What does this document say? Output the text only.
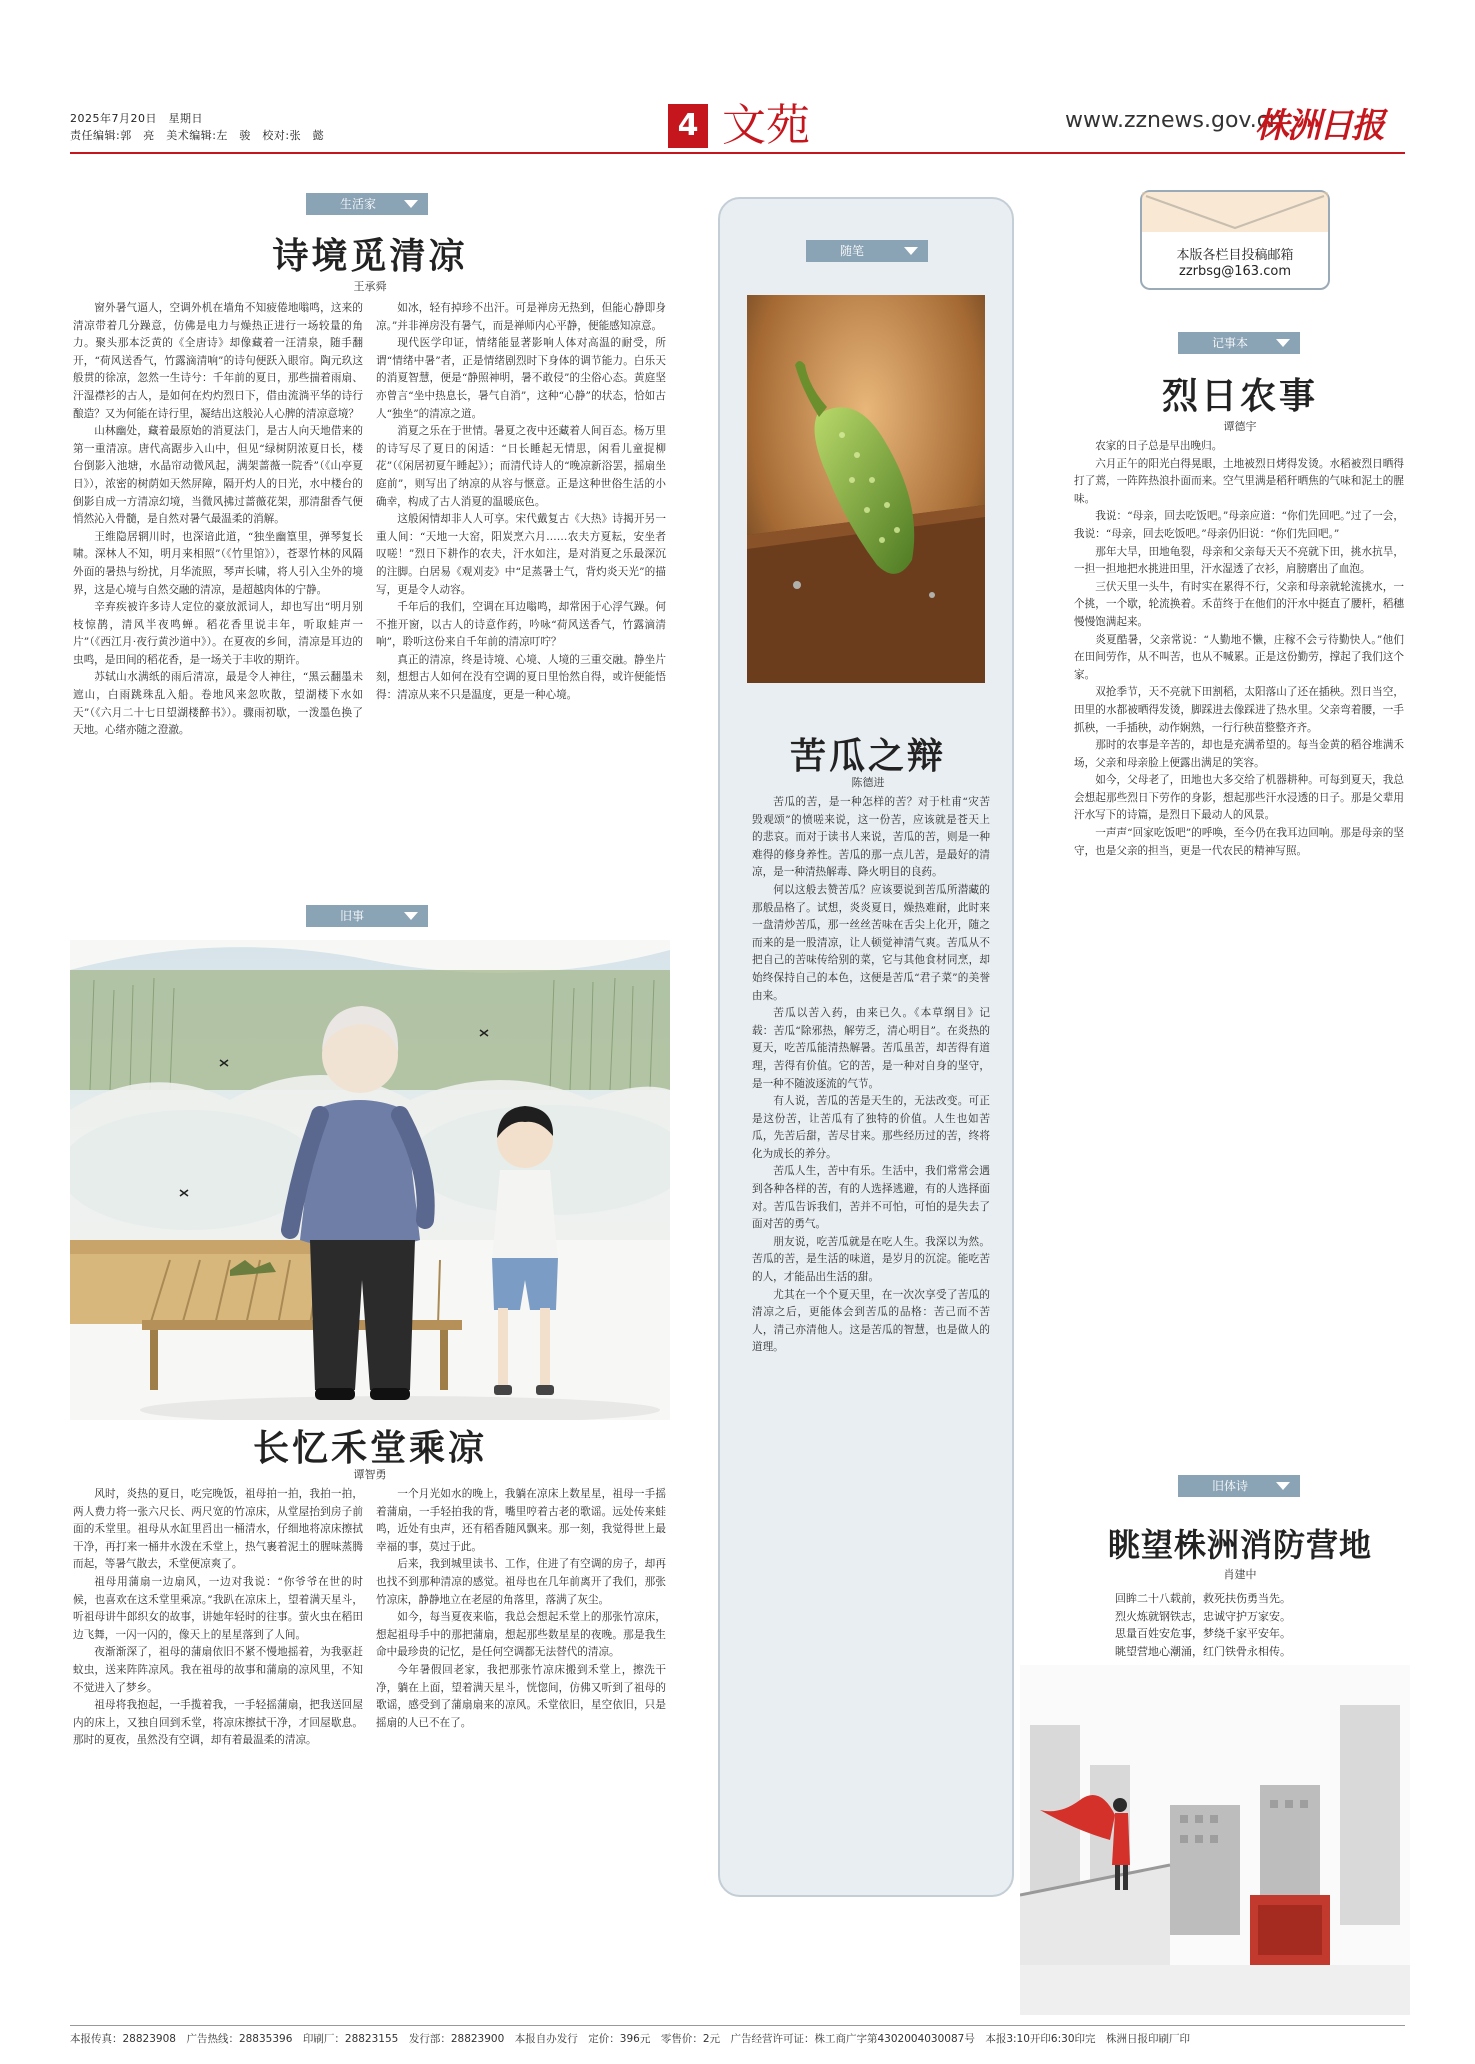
2025年7月20日　星期日
责任编辑:郭　亮　美术编辑:左　骏　校对:张　懿	4 文苑	www.zznews.gov.cn
株洲日报
生活家
诗境觅清凉
王承舜

窗外暑气逼人，空调外机在墙角不知疲倦地嗡鸣，这来的清凉带着几分躁意，仿佛是电力与燥热正进行一场较量的角力。聚头那本泛黄的《全唐诗》却像藏着一汪清泉，随手翻开，“荷风送香气，竹露滴清响”的诗句便跃入眼帘。陶元玖这般贯的徐凉，忽然一生诗兮：千年前的夏日，那些揣着雨扇、汗湿襟衫的古人，是如何在灼灼烈日下，借由流淌平华的诗行酿造？又为何能在诗行里，凝结出这般沁人心脾的清凉意境？

山林幽处，藏着最原始的消夏法门，是古人向天地借来的第一重清凉。唐代高踞步入山中，但见“绿树阴浓夏日长，楼台倒影入池塘，水晶帘动微风起，满架蔷薇一院香”（《山亭夏日》），浓密的树荫如天然屏障，隔开灼人的日光，水中楼台的倒影自成一方清凉幻境，当微风拂过蔷薇花架，那清甜香气便悄然沁入骨髓，是自然对暑气最温柔的消解。

王维隐居辋川时，也深谙此道，“独坐幽篁里，弹琴复长啸。深林人不知，明月来相照”（《竹里馆》），苍翠竹林的风隔外面的暑热与纷扰，月华流照，琴声长啸，将人引入尘外的境界，这是心境与自然交融的清凉，是超越肉体的宁静。

辛弃疾被许多诗人定位的豪放派词人，却也写出“明月别枝惊鹊，清风半夜鸣蝉。稻花香里说丰年，听取蛙声一片”（《西江月·夜行黄沙道中》）。在夏夜的乡间，清凉是耳边的虫鸣，是田间的稻花香，是一场关于丰收的期许。

苏轼山水满纸的雨后清凉，最是令人神往，“黑云翻墨未遮山，白雨跳珠乱入船。卷地风来忽吹散，望湖楼下水如天”（《六月二十七日望湖楼醉书》）。骤雨初歇，一泼墨色换了天地。心绪亦随之澄澈。

如冰，轻有掉珍不出汗。可是禅房无热到，但能心静即身凉。”并非禅房没有暑气，而是禅师内心平静，便能感知凉意。

现代医学印证，情绪能显著影响人体对高温的耐受，所谓“情绪中暑”者，正是情绪剧烈时下身体的调节能力。白乐天的消夏智慧，便是“静照神明，暑不敢侵”的尘俗心态。黄庭坚亦曾言“坐中热息长，暑气自消”，这种“心静”的状态，恰如古人“独坐”的清凉之道。

消夏之乐在于世情。暑夏之夜中还藏着人间百态。杨万里的诗写尽了夏日的闲适：“日长睡起无情思，闲看儿童捉柳花”（《闲居初夏午睡起》）；而清代诗人的“晚凉新浴罢，摇扇坐庭前”，则写出了纳凉的从容与惬意。正是这种世俗生活的小确幸，构成了古人消夏的温暖底色。

这般闲情却非人人可享。宋代戴复古《大热》诗揭开另一重人间：“天地一大窑，阳炭烹六月……农夫方夏耘，安坐者叹嗟！”烈日下耕作的农夫，汗水如注，是对消夏之乐最深沉的注脚。白居易《观刈麦》中“足蒸暑土气，背灼炎天光”的描写，更是令人动容。

千年后的我们，空调在耳边嗡鸣，却常困于心浮气躁。何不推开窗，以古人的诗意作药，吟咏“荷风送香气，竹露滴清响”，聆听这份来自千年前的清凉叮咛？

真正的清凉，终是诗境、心境、人境的三重交融。静坐片刻，想想古人如何在没有空调的夏日里怡然自得，或许便能悟得：清凉从来不只是温度，更是一种心境。

旧事
长忆禾堂乘凉
谭智勇

风时，炎热的夏日，吃完晚饭，祖母拍一拍，我拍一拍，两人费力将一张六尺长、两尺宽的竹凉床，从堂屋抬到房子前面的禾堂里。祖母从水缸里舀出一桶清水，仔细地将凉床擦拭干净，再打来一桶井水泼在禾堂上，热气裹着泥土的腥味蒸腾而起，等暑气散去，禾堂便凉爽了。

祖母用蒲扇一边扇风，一边对我说：“你爷爷在世的时候，也喜欢在这禾堂里乘凉。”我趴在凉床上，望着满天星斗，听祖母讲牛郎织女的故事，讲她年轻时的往事。萤火虫在稻田边飞舞，一闪一闪的，像天上的星星落到了人间。

夜渐渐深了，祖母的蒲扇依旧不紧不慢地摇着，为我驱赶蚊虫，送来阵阵凉风。我在祖母的故事和蒲扇的凉风里，不知不觉进入了梦乡。

祖母将我抱起，一手揽着我，一手轻摇蒲扇，把我送回屋内的床上，又独自回到禾堂，将凉床擦拭干净，才回屋歇息。那时的夏夜，虽然没有空调，却有着最温柔的清凉。

一个月光如水的晚上，我躺在凉床上数星星，祖母一手摇着蒲扇，一手轻拍我的背，嘴里哼着古老的歌谣。远处传来蛙鸣，近处有虫声，还有稻香随风飘来。那一刻，我觉得世上最幸福的事，莫过于此。

后来，我到城里读书、工作，住进了有空调的房子，却再也找不到那种清凉的感觉。祖母也在几年前离开了我们，那张竹凉床，静静地立在老屋的角落里，落满了灰尘。

如今，每当夏夜来临，我总会想起禾堂上的那张竹凉床，想起祖母手中的那把蒲扇，想起那些数星星的夜晚。那是我生命中最珍贵的记忆，是任何空调都无法替代的清凉。

今年暑假回老家，我把那张竹凉床搬到禾堂上，擦洗干净，躺在上面，望着满天星斗，恍惚间，仿佛又听到了祖母的歌谣，感受到了蒲扇扇来的凉风。禾堂依旧，星空依旧，只是摇扇的人已不在了。

随笔
苦瓜之辩
陈德进

苦瓜的苦，是一种怎样的苦？对于杜甫“灾苦毁观颂”的愤嗟来说，这一份苦，应该就是苍天上的悲哀。而对于读书人来说，苦瓜的苦，则是一种难得的修身养性。苦瓜的那一点儿苦，是最好的清凉，是一种清热解毒、降火明目的良药。

何以这般去赞苦瓜？应该要说到苦瓜所潜藏的那般品格了。试想，炎炎夏日，燥热难耐，此时来一盘清炒苦瓜，那一丝丝苦味在舌尖上化开，随之而来的是一股清凉，让人顿觉神清气爽。苦瓜从不把自己的苦味传给别的菜，它与其他食材同烹，却始终保持自己的本色，这便是苦瓜“君子菜”的美誉由来。

苦瓜以苦入药，由来已久。《本草纲目》记载：苦瓜“除邪热，解劳乏，清心明目”。在炎热的夏天，吃苦瓜能清热解暑。苦瓜虽苦，却苦得有道理，苦得有价值。它的苦，是一种对自身的坚守，是一种不随波逐流的气节。

有人说，苦瓜的苦是天生的，无法改变。可正是这份苦，让苦瓜有了独特的价值。人生也如苦瓜，先苦后甜，苦尽甘来。那些经历过的苦，终将化为成长的养分。

苦瓜人生，苦中有乐。生活中，我们常常会遇到各种各样的苦，有的人选择逃避，有的人选择面对。苦瓜告诉我们，苦并不可怕，可怕的是失去了面对苦的勇气。

朋友说，吃苦瓜就是在吃人生。我深以为然。苦瓜的苦，是生活的味道，是岁月的沉淀。能吃苦的人，才能品出生活的甜。

尤其在一个个夏天里，在一次次享受了苦瓜的清凉之后，更能体会到苦瓜的品格：苦己而不苦人，清己亦清他人。这是苦瓜的智慧，也是做人的道理。

本版各栏目投稿邮箱
zzrbsg@163.com
记事本
烈日农事
谭德宇

农家的日子总是早出晚归。

六月正午的阳光白得晃眼，土地被烈日烤得发烫。水稻被烈日晒得打了蔫，一阵阵热浪扑面而来。空气里满是稻秆晒焦的气味和泥土的腥味。

我说：“母亲，回去吃饭吧。”母亲应道：“你们先回吧。”过了一会，我说：“母亲，回去吃饭吧。”母亲仍旧说：“你们先回吧。”

那年大旱，田地龟裂，母亲和父亲每天天不亮就下田，挑水抗旱，一担一担地把水挑进田里，汗水湿透了衣衫，肩膀磨出了血泡。

三伏天里一头牛，有时实在累得不行，父亲和母亲就轮流挑水，一个挑，一个歇，轮流换着。禾苗终于在他们的汗水中挺直了腰杆，稻穗慢慢饱满起来。

炎夏酷暑，父亲常说：“人勤地不懒，庄稼不会亏待勤快人。”他们在田间劳作，从不叫苦，也从不喊累。正是这份勤劳，撑起了我们这个家。

双抢季节，天不亮就下田割稻，太阳落山了还在插秧。烈日当空，田里的水都被晒得发烫，脚踩进去像踩进了热水里。父亲弯着腰，一手抓秧，一手插秧，动作娴熟，一行行秧苗整整齐齐。

那时的农事是辛苦的，却也是充满希望的。每当金黄的稻谷堆满禾场，父亲和母亲脸上便露出满足的笑容。

如今，父母老了，田地也大多交给了机器耕种。可每到夏天，我总会想起那些烈日下劳作的身影，想起那些汗水浸透的日子。那是父辈用汗水写下的诗篇，是烈日下最动人的风景。

一声声“回家吃饭吧”的呼唤，至今仍在我耳边回响。那是母亲的坚守，也是父亲的担当，更是一代农民的精神写照。

旧体诗
眺望株洲消防营地
肖建中

回眸二十八载前，救死扶伤勇当先。

烈火炼就钢铁志，忠诚守护万家安。

思量百姓安危事，梦绕千家平安年。

眺望营地心潮涌，红门铁骨永相传。

本报传真：28823908　广告热线：28835396　印刷厂：28823155　发行部：28823900　本报自办发行　定价：396元　零售价：2元　广告经营许可证：株工商广字第4302004030087号　本报3:10开印6:30印完　株洲日报印刷厂印
